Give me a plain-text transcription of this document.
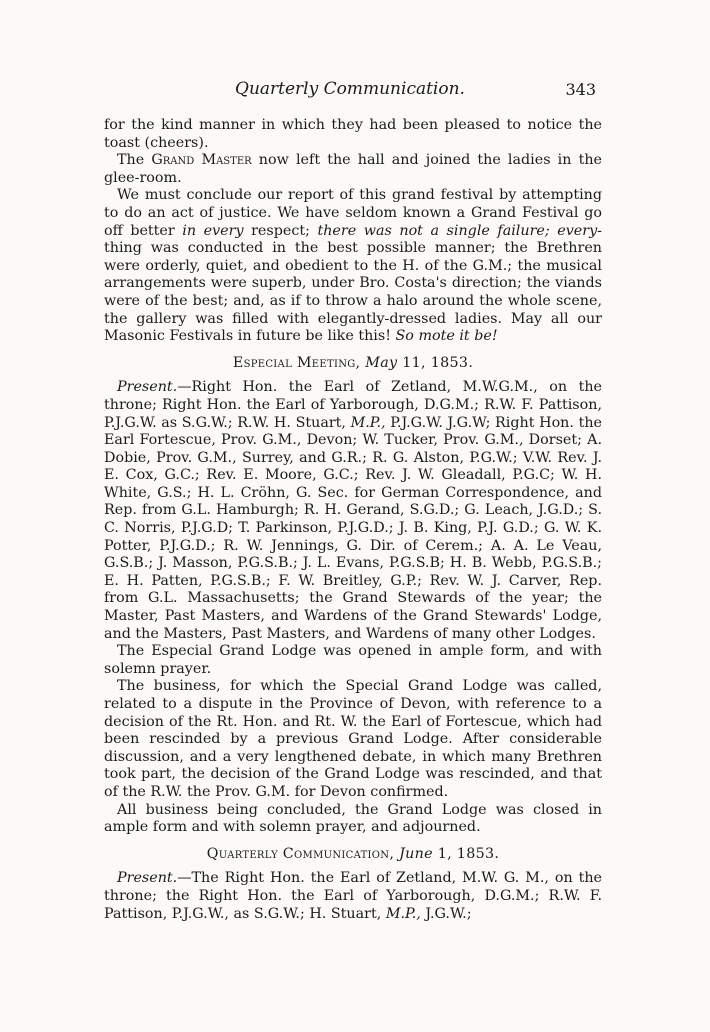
Quarterly Communication.	343

for the kind manner in which they had been pleased to notice the toast (cheers).

The Grand Master now left the hall and joined the ladies in the glee-room.

We must conclude our report of this grand festival by attempting to do an act of justice. We have seldom known a Grand Festival go off better in every respect; there was not a single failure; every- thing was conducted in the best possible manner; the Brethren were orderly, quiet, and obedient to the H. of the G.M.; the musical arrangements were superb, under Bro. Costa's direction; the viands were of the best; and, as if to throw a halo around the whole scene, the gallery was filled with elegantly-dressed ladies. May all our Masonic Festivals in future be like this! So mote it be!

Especial Meeting, May 11, 1853.

Present.—Right Hon. the Earl of Zetland, M.W.G.M., on the throne; Right Hon. the Earl of Yarborough, D.G.M.; R.W. F. Pattison, P.J.G.W. as S.G.W.; R.W. H. Stuart, M.P., P.J.G.W. J.G.W; Right Hon. the Earl Fortescue, Prov. G.M., Devon; W. Tucker, Prov. G.M., Dorset; A. Dobie, Prov. G.M., Surrey, and G.R.; R. G. Alston, P.G.W.; V.W. Rev. J. E. Cox, G.C.; Rev. E. Moore, G.C.; Rev. J. W. Gleadall, P.G.C; W. H. White, G.S.; H. L. Cröhn, G. Sec. for German Correspondence, and Rep. from G.L. Hamburgh; R. H. Gerand, S.G.D.; G. Leach, J.G.D.; S. C. Norris, P.J.G.D; T. Parkinson, P.J.G.D.; J. B. King, P.J. G.D.; G. W. K. Potter, P.J.G.D.; R. W. Jennings, G. Dir. of Cerem.; A. A. Le Veau, G.S.B.; J. Masson, P.G.S.B.; J. L. Evans, P.G.S.B; H. B. Webb, P.G.S.B.; E. H. Patten, P.G.S.B.; F. W. Breitley, G.P.; Rev. W. J. Carver, Rep. from G.L. Massachusetts; the Grand Stewards of the year; the Master, Past Masters, and Wardens of the Grand Stewards' Lodge, and the Masters, Past Masters, and Wardens of many other Lodges.

The Especial Grand Lodge was opened in ample form, and with solemn prayer.

The business, for which the Special Grand Lodge was called, related to a dispute in the Province of Devon, with reference to a decision of the Rt. Hon. and Rt. W. the Earl of Fortescue, which had been rescinded by a previous Grand Lodge. After considerable discussion, and a very lengthened debate, in which many Brethren took part, the decision of the Grand Lodge was rescinded, and that of the R.W. the Prov. G.M. for Devon confirmed.

All business being concluded, the Grand Lodge was closed in ample form and with solemn prayer, and adjourned.

Quarterly Communication, June 1, 1853.

Present.—The Right Hon. the Earl of Zetland, M.W. G. M., on the throne; the Right Hon. the Earl of Yarborough, D.G.M.; R.W. F. Pattison, P.J.G.W., as S.G.W.; H. Stuart, M.P., J.G.W.;
